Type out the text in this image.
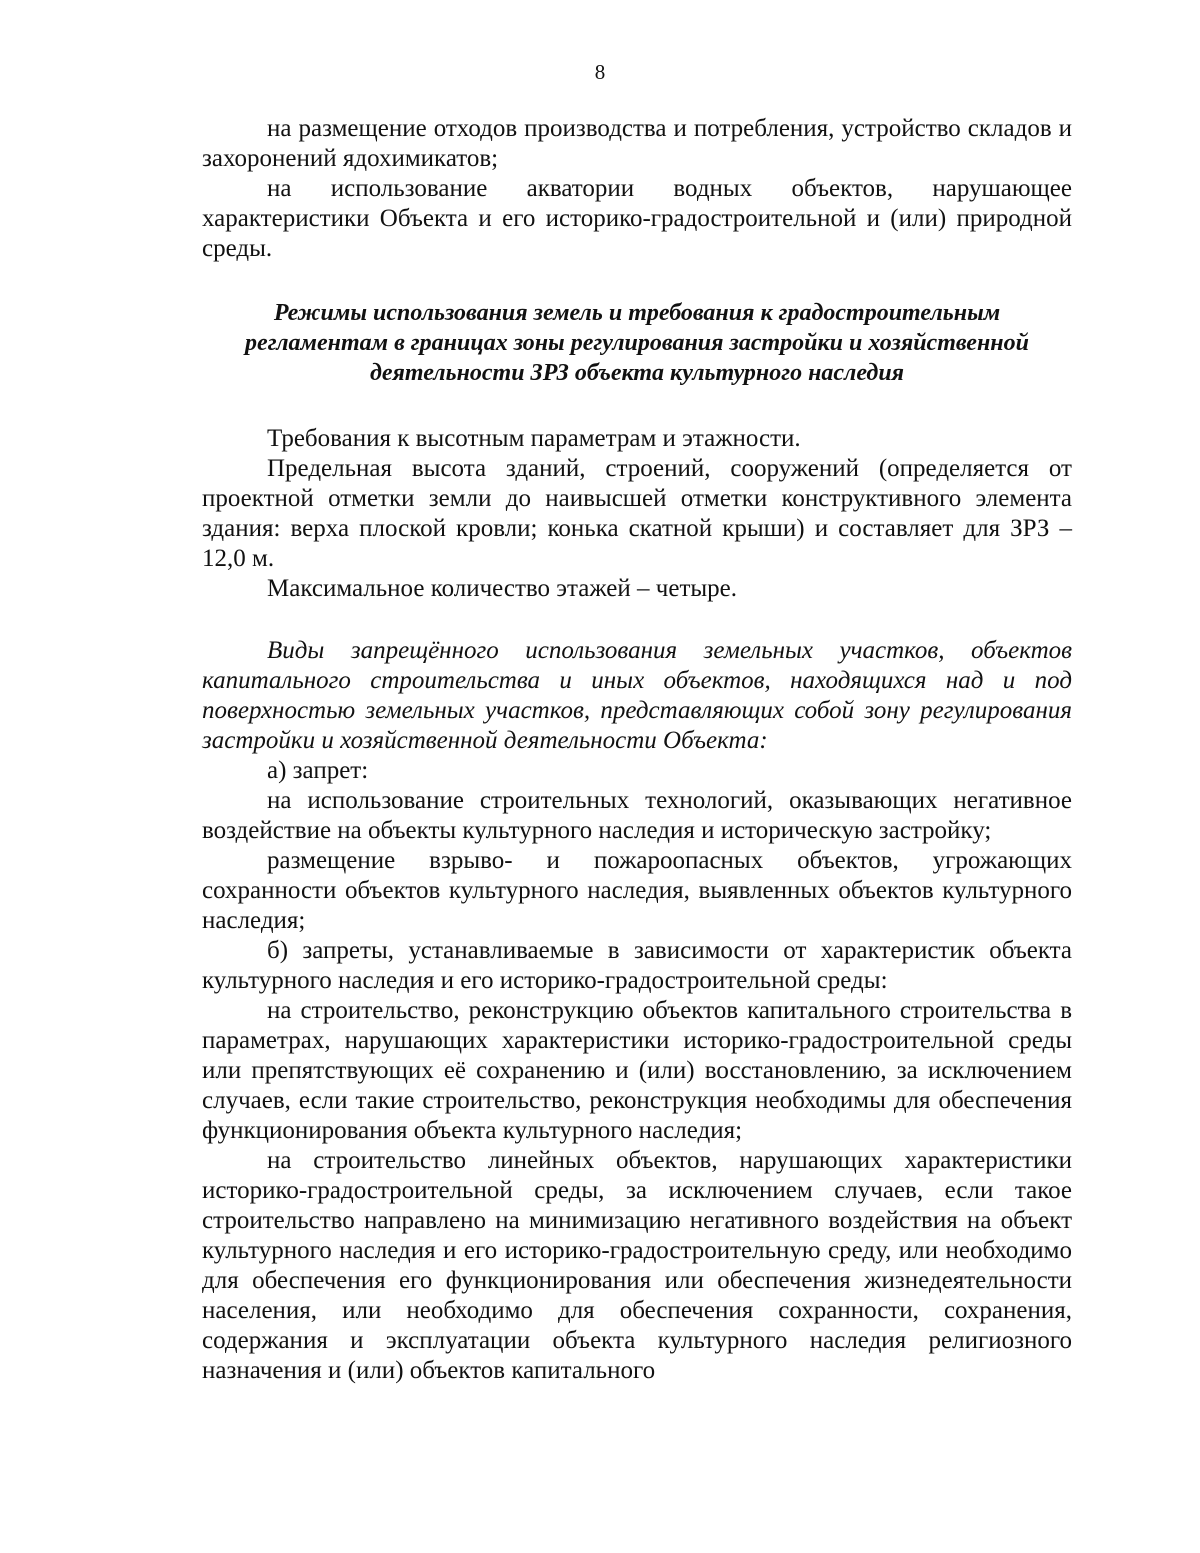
8

на размещение отходов производства и потребления, устройство складов и захоронений ядохимикатов;

на использование акватории водных объектов, нарушающее характеристики Объекта и его историко-градостроительной и (или) природной среды.

Режимы использования земель и требования к градостроительным

регламентам в границах зоны регулирования застройки и хозяйственной

деятельности ЗРЗ объекта культурного наследия

Требования к высотным параметрам и этажности.

Предельная высота зданий, строений, сооружений (определяется от проектной отметки земли до наивысшей отметки конструктивного элемента здания: верха плоской кровли; конька скатной крыши) и составляет для ЗРЗ – 12,0 м.

Максимальное количество этажей – четыре.

Виды запрещённого использования земельных участков, объектов капитального строительства и иных объектов, находящихся над и под поверхностью земельных участков, представляющих собой зону регулирования застройки и хозяйственной деятельности Объекта:

а) запрет:

на использование строительных технологий, оказывающих негативное воздействие на объекты культурного наследия и историческую застройку;

размещение взрыво- и пожароопасных объектов, угрожающих сохранности объектов культурного наследия, выявленных объектов культурного наследия;

б) запреты, устанавливаемые в зависимости от характеристик объекта культурного наследия и его историко-градостроительной среды:

на строительство, реконструкцию объектов капитального строительства в параметрах, нарушающих характеристики историко-градостроительной среды или препятствующих её сохранению и (или) восстановлению, за исключением случаев, если такие строительство, реконструкция необходимы для обеспечения функционирования объекта культурного наследия;

на строительство линейных объектов, нарушающих характеристики историко-градостроительной среды, за исключением случаев, если такое строительство направлено на минимизацию негативного воздействия на объект культурного наследия и его историко-градостроительную среду, или необходимо для обеспечения его функционирования или обеспечения жизнедеятельности населения, или необходимо для обеспечения сохранности, сохранения, содержания и эксплуатации объекта культурного наследия религиозного назначения и (или) объектов капитального
